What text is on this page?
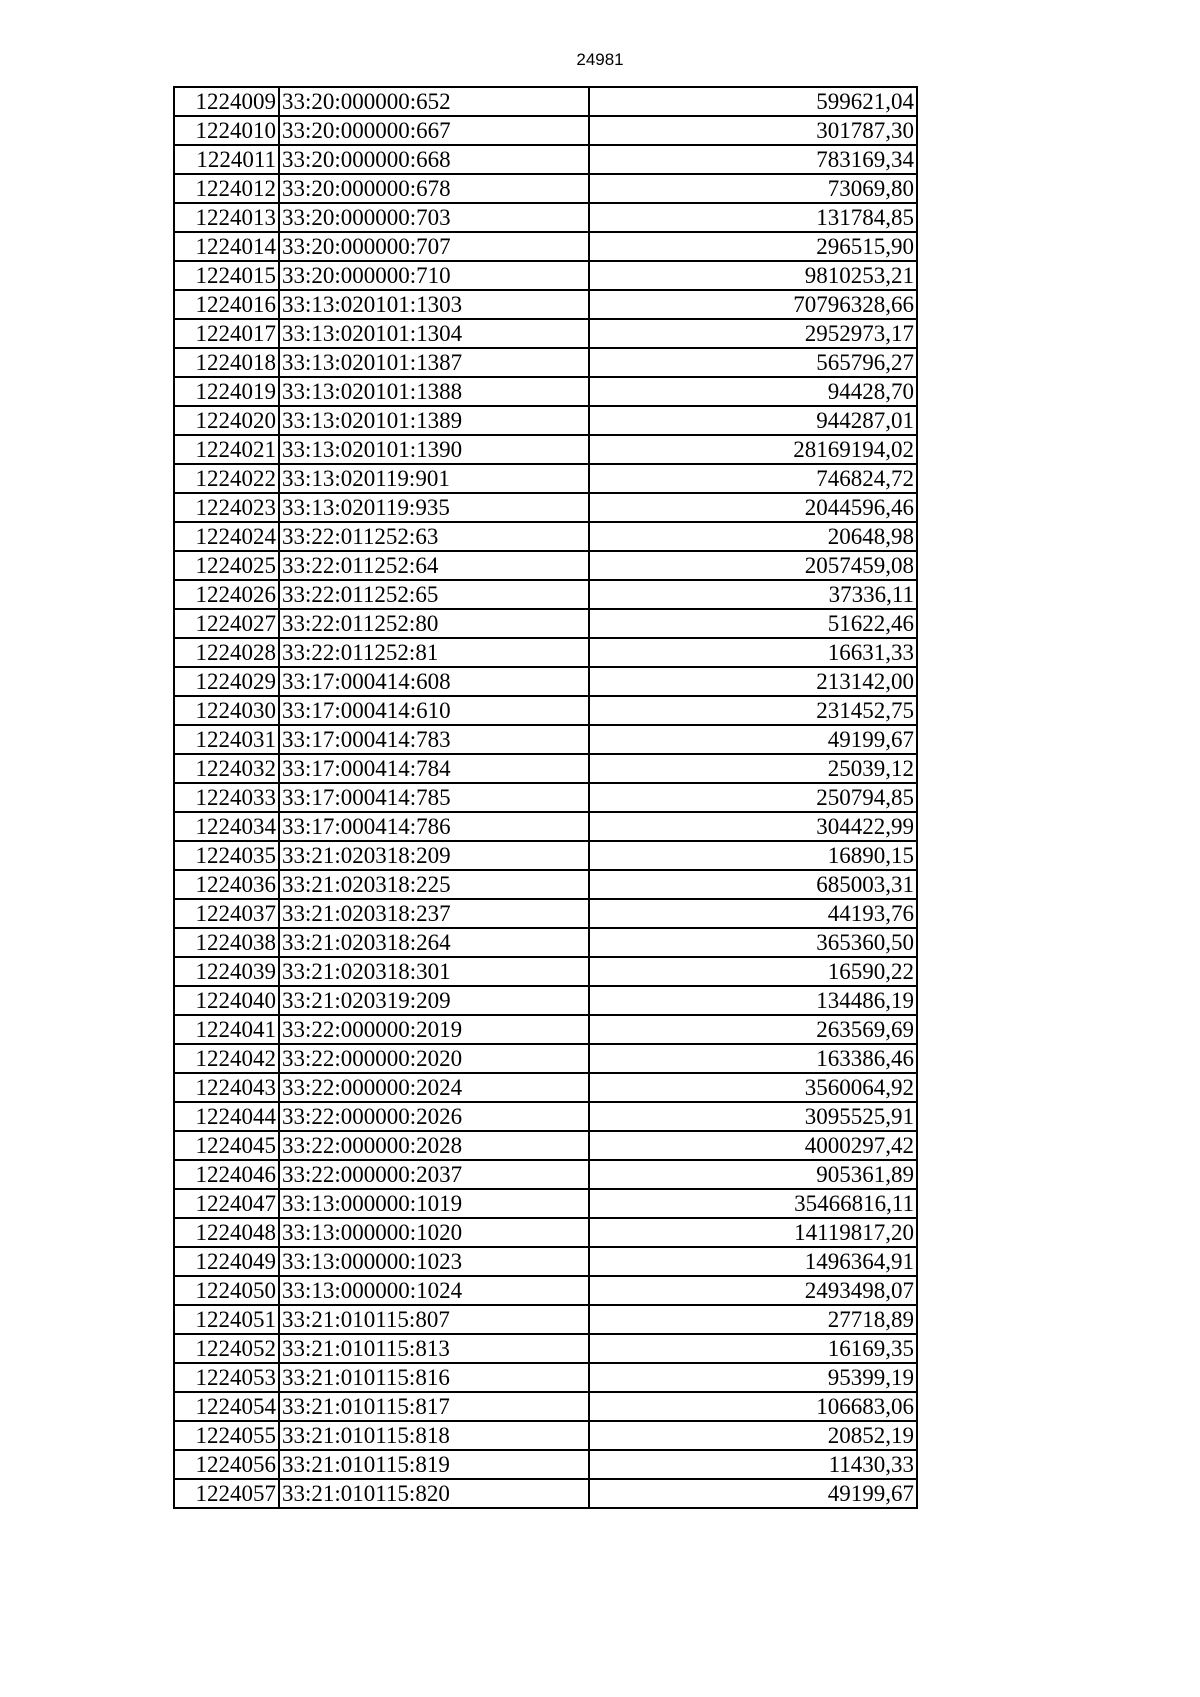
24981
1224009	33:20:000000:652	599621,04
1224010	33:20:000000:667	301787,30
1224011	33:20:000000:668	783169,34
1224012	33:20:000000:678	73069,80
1224013	33:20:000000:703	131784,85
1224014	33:20:000000:707	296515,90
1224015	33:20:000000:710	9810253,21
1224016	33:13:020101:1303	70796328,66
1224017	33:13:020101:1304	2952973,17
1224018	33:13:020101:1387	565796,27
1224019	33:13:020101:1388	94428,70
1224020	33:13:020101:1389	944287,01
1224021	33:13:020101:1390	28169194,02
1224022	33:13:020119:901	746824,72
1224023	33:13:020119:935	2044596,46
1224024	33:22:011252:63	20648,98
1224025	33:22:011252:64	2057459,08
1224026	33:22:011252:65	37336,11
1224027	33:22:011252:80	51622,46
1224028	33:22:011252:81	16631,33
1224029	33:17:000414:608	213142,00
1224030	33:17:000414:610	231452,75
1224031	33:17:000414:783	49199,67
1224032	33:17:000414:784	25039,12
1224033	33:17:000414:785	250794,85
1224034	33:17:000414:786	304422,99
1224035	33:21:020318:209	16890,15
1224036	33:21:020318:225	685003,31
1224037	33:21:020318:237	44193,76
1224038	33:21:020318:264	365360,50
1224039	33:21:020318:301	16590,22
1224040	33:21:020319:209	134486,19
1224041	33:22:000000:2019	263569,69
1224042	33:22:000000:2020	163386,46
1224043	33:22:000000:2024	3560064,92
1224044	33:22:000000:2026	3095525,91
1224045	33:22:000000:2028	4000297,42
1224046	33:22:000000:2037	905361,89
1224047	33:13:000000:1019	35466816,11
1224048	33:13:000000:1020	14119817,20
1224049	33:13:000000:1023	1496364,91
1224050	33:13:000000:1024	2493498,07
1224051	33:21:010115:807	27718,89
1224052	33:21:010115:813	16169,35
1224053	33:21:010115:816	95399,19
1224054	33:21:010115:817	106683,06
1224055	33:21:010115:818	20852,19
1224056	33:21:010115:819	11430,33
1224057	33:21:010115:820	49199,67
